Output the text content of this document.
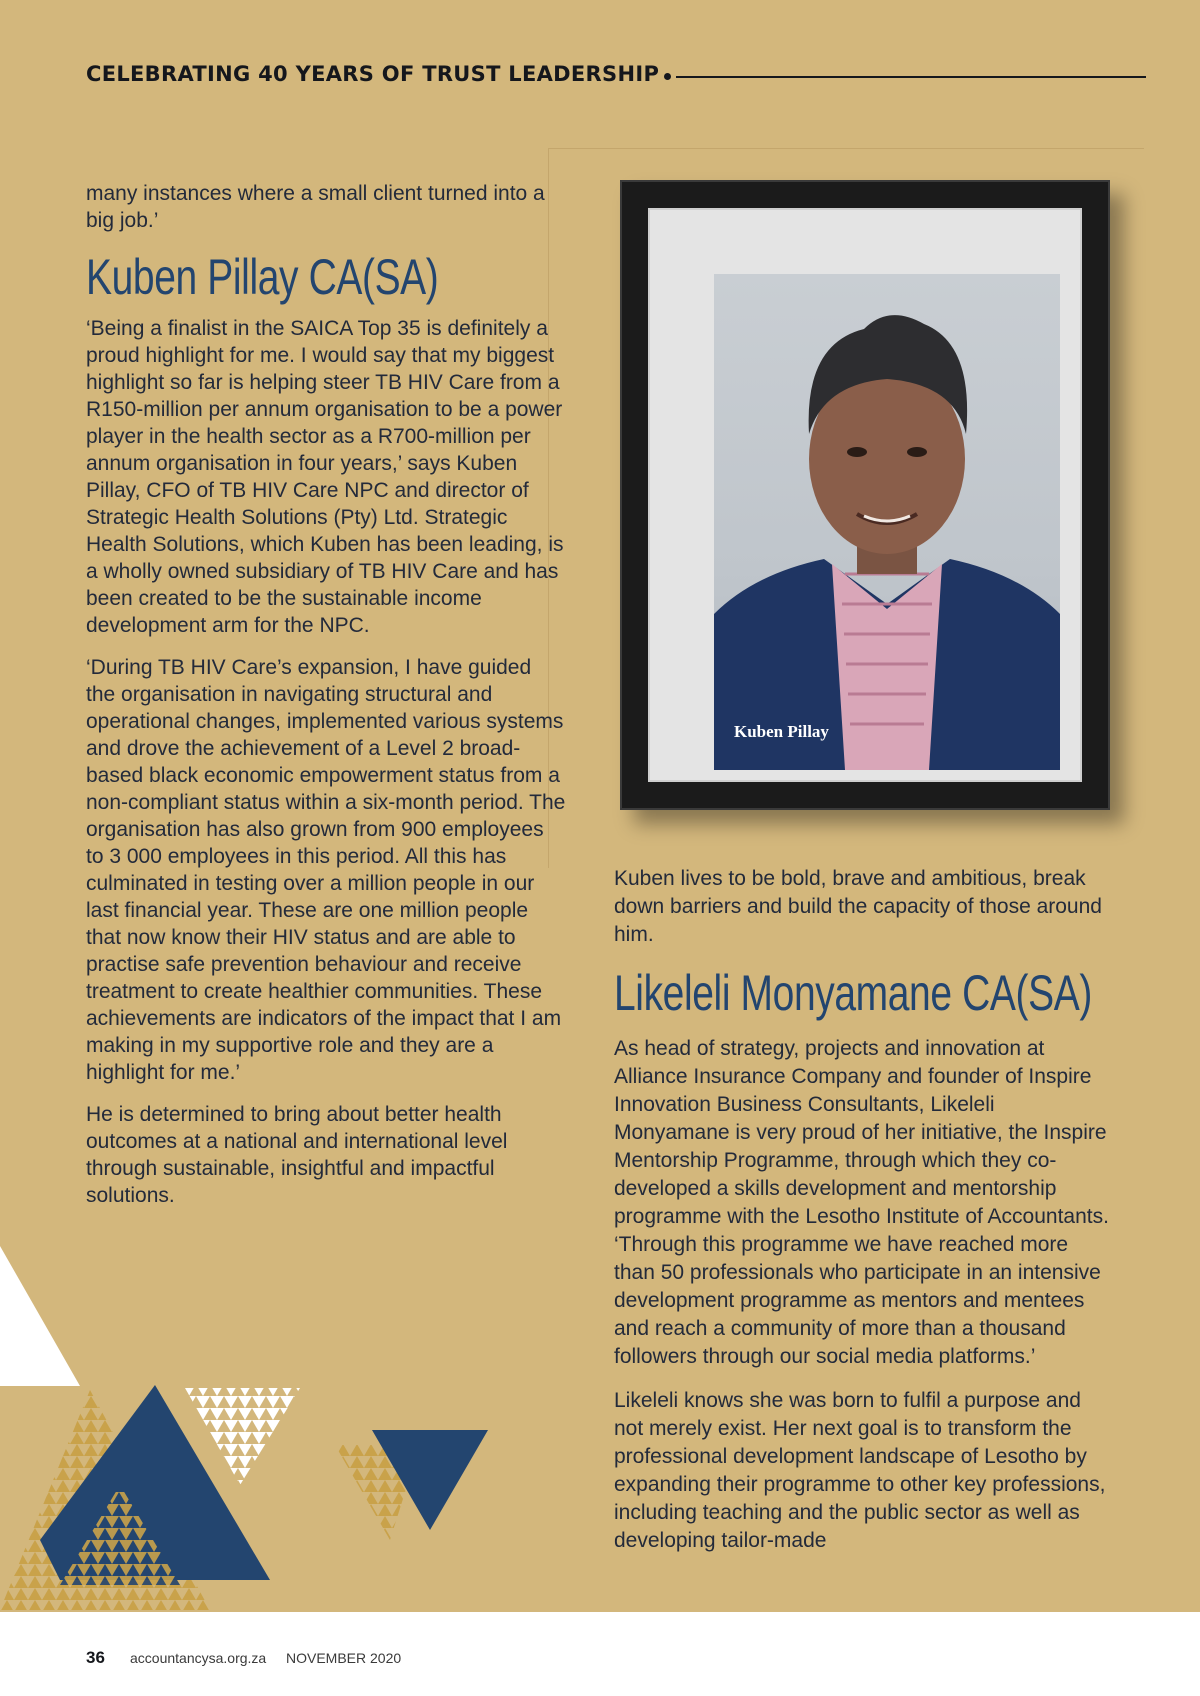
CELEBRATING 40 YEARS OF TRUST LEADERSHIP

many instances where a small client turned into a big job.’

Kuben Pillay CA(SA)

‘Being a finalist in the SAICA Top 35 is definitely a proud highlight for me. I would say that my biggest highlight so far is helping steer TB HIV Care from a R150-million per annum organisation to be a power player in the health sector as a R700-million per annum organisation in four years,’ says Kuben Pillay, CFO of TB HIV Care NPC and director of Strategic Health Solutions (Pty) Ltd. Strategic Health Solutions, which Kuben has been leading, is a wholly owned subsidiary of TB HIV Care and has been created to be the sustainable income development arm for the NPC.

‘During TB HIV Care’s expansion, I have guided the organisation in navigating structural and operational changes, implemented various systems and drove the achievement of a Level 2 broad-based black economic empowerment status from a non-compliant status within a six-month period. The organisation has also grown from 900 employees to 3 000 employees in this period. All this has culminated in testing over a million people in our last financial year. These are one million people that now know their HIV status and are able to practise safe prevention behaviour and receive treatment to create healthier communities. These achievements are indicators of the impact that I am making in my supportive role and they are a highlight for me.’

He is determined to bring about better health outcomes at a national and international level through sustainable, insightful and impactful solutions.

Kuben Pillay

Kuben lives to be bold, brave and ambitious, break down barriers and build the capacity of those around him.

Likeleli Monyamane CA(SA)

As head of strategy, projects and innovation at Alliance Insurance Company and founder of Inspire Innovation Business Consultants, Likeleli Monyamane is very proud of her initiative, the Inspire Mentorship Programme, through which they co-developed a skills development and mentorship programme with the Lesotho Institute of Accountants. ‘Through this programme we have reached more than 50 professionals who participate in an intensive development programme as mentors and mentees and reach a community of more than a thousand followers through our social media platforms.’

Likeleli knows she was born to fulfil a purpose and not merely exist. Her next goal is to transform the professional development landscape of Lesotho by expanding their programme to other key professions, including teaching and the public sector as well as developing tailor-made

36 accountancysa.org.za NOVEMBER 2020
